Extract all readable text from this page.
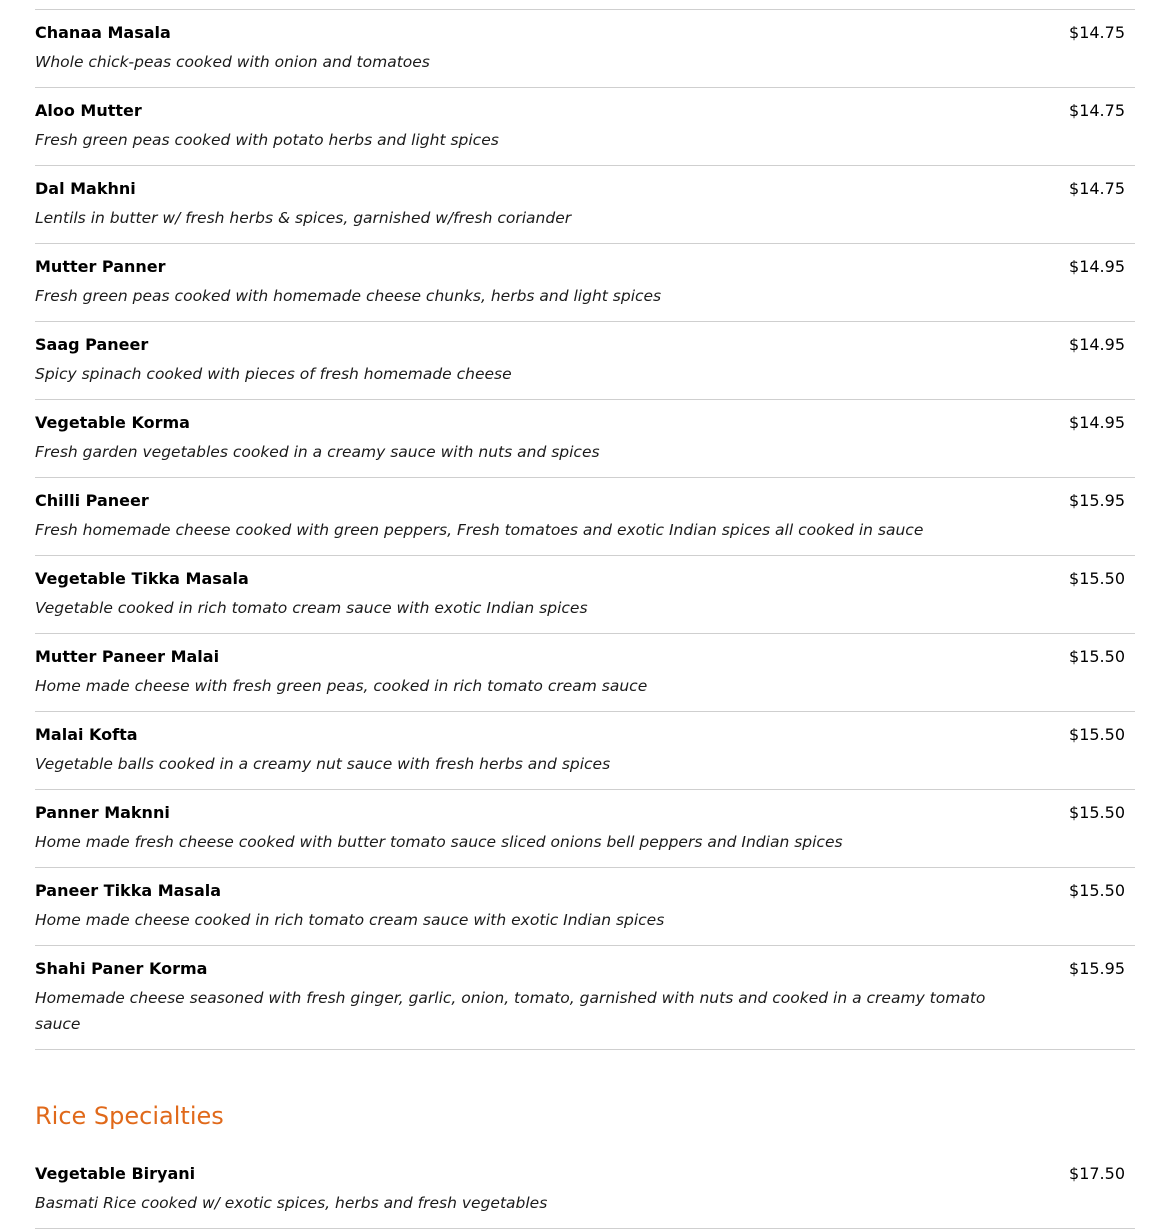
Chanaa Masala	$14.75
Whole chick-peas cooked with onion and tomatoes
Aloo Mutter	$14.75
Fresh green peas cooked with potato herbs and light spices
Dal Makhni	$14.75
Lentils in butter w/ fresh herbs & spices, garnished w/fresh coriander
Mutter Panner	$14.95
Fresh green peas cooked with homemade cheese chunks, herbs and light spices
Saag Paneer	$14.95
Spicy spinach cooked with pieces of fresh homemade cheese
Vegetable Korma	$14.95
Fresh garden vegetables cooked in a creamy sauce with nuts and spices
Chilli Paneer	$15.95
Fresh homemade cheese cooked with green peppers, Fresh tomatoes and exotic Indian spices all cooked in sauce
Vegetable Tikka Masala	$15.50
Vegetable cooked in rich tomato cream sauce with exotic Indian spices
Mutter Paneer Malai	$15.50
Home made cheese with fresh green peas, cooked in rich tomato cream sauce
Malai Kofta	$15.50
Vegetable balls cooked in a creamy nut sauce with fresh herbs and spices
Panner Maknni	$15.50
Home made fresh cheese cooked with butter tomato sauce sliced onions bell peppers and Indian spices
Paneer Tikka Masala	$15.50
Home made cheese cooked in rich tomato cream sauce with exotic Indian spices
Shahi Paner Korma	$15.95
Homemade cheese seasoned with fresh ginger, garlic, onion, tomato, garnished with nuts and cooked in a creamy tomato sauce
Rice Specialties
Vegetable Biryani	$17.50
Basmati Rice cooked w/ exotic spices, herbs and fresh vegetables
